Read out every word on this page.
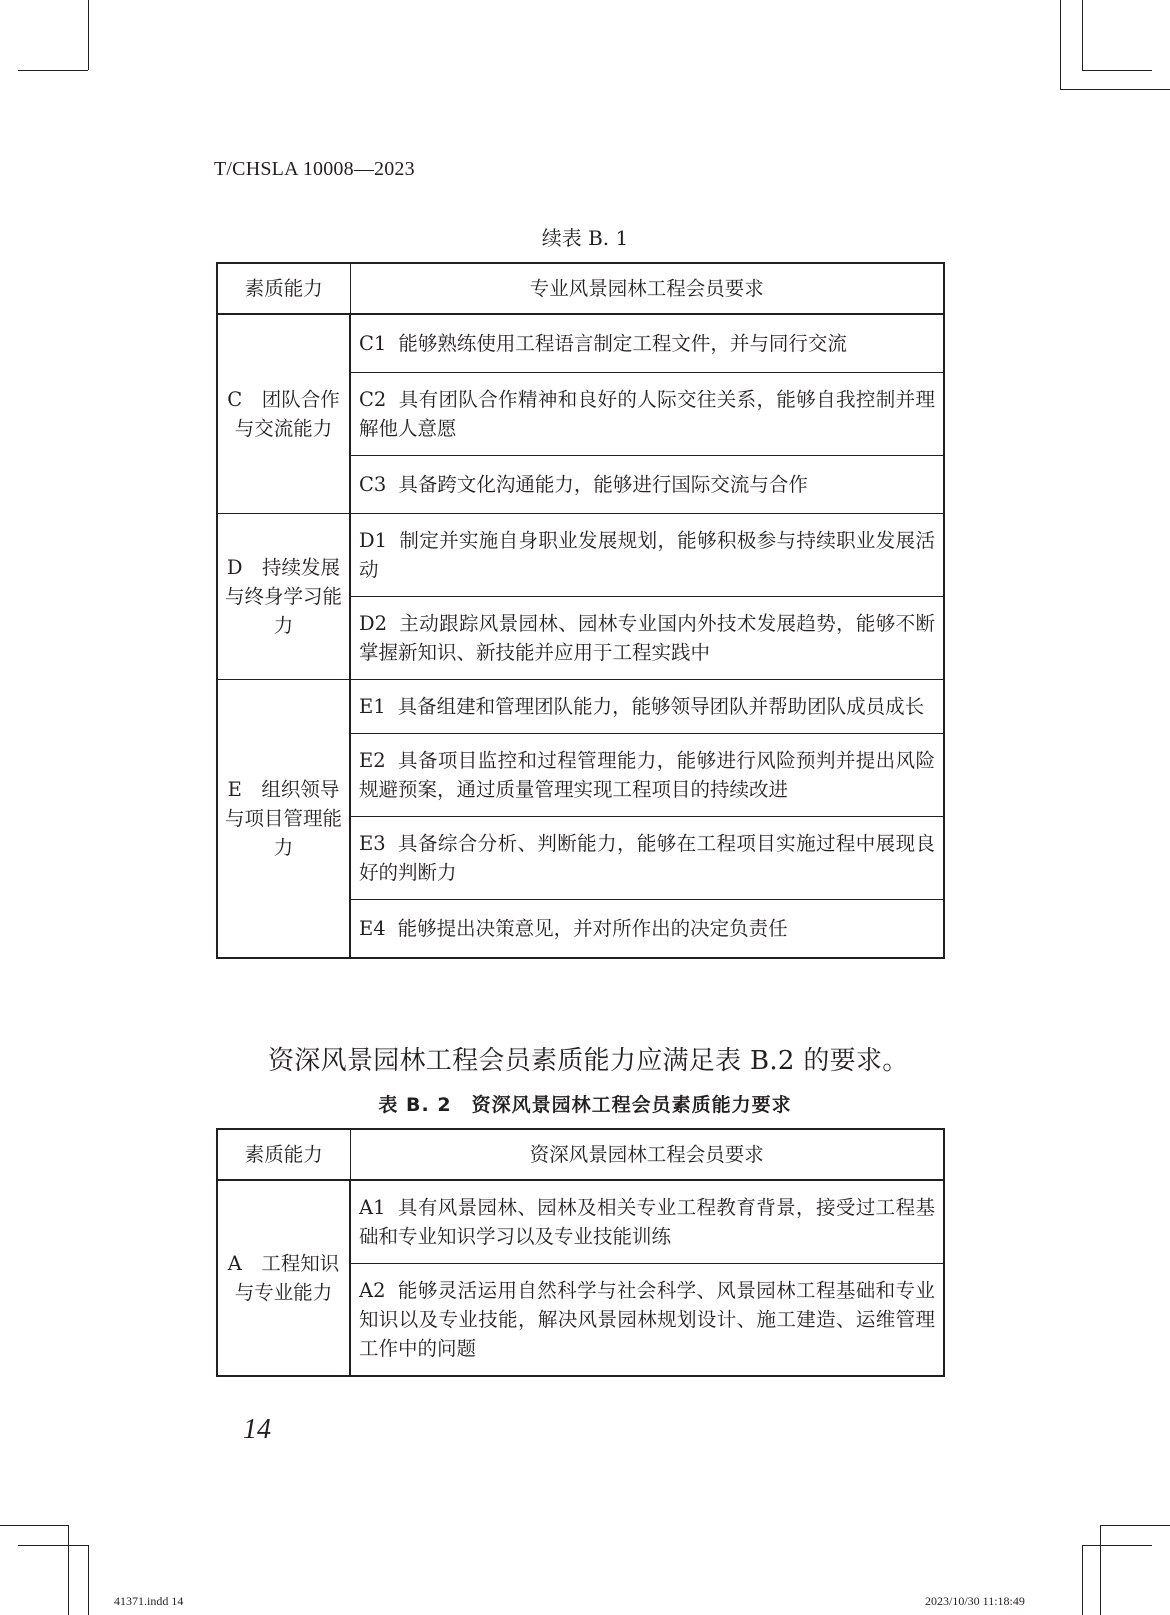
T/CHSLA 10008—2023
续表 B. 1
素质能力	专业风景园林工程会员要求
C　团队合作与交流能力	C1 能够熟练使用工程语言制定工程文件，并与同行交流
	C2 具有团队合作精神和良好的人际交往关系，能够自我控制并理解他人意愿
	C3 具备跨文化沟通能力，能够进行国际交流与合作
D　持续发展与终身学习能力	D1 制定并实施自身职业发展规划，能够积极参与持续职业发展活动
	D2 主动跟踪风景园林、园林专业国内外技术发展趋势，能够不断掌握新知识、新技能并应用于工程实践中
E　组织领导与项目管理能力	E1 具备组建和管理团队能力，能够领导团队并帮助团队成员成长
	E2 具备项目监控和过程管理能力，能够进行风险预判并提出风险规避预案，通过质量管理实现工程项目的持续改进
	E3 具备综合分析、判断能力，能够在工程项目实施过程中展现良好的判断力
	E4 能够提出决策意见，并对所作出的决定负责任
资深风景园林工程会员素质能力应满足表 B.2 的要求。
表 B. 2　资深风景园林工程会员素质能力要求
素质能力	资深风景园林工程会员要求
A　工程知识与专业能力	A1 具有风景园林、园林及相关专业工程教育背景，接受过工程基础和专业知识学习以及专业技能训练
	A2 能够灵活运用自然科学与社会科学、风景园林工程基础和专业知识以及专业技能，解决风景园林规划设计、施工建造、运维管理工作中的问题
14
41371.indd 14	2023/10/30 11:18:49
